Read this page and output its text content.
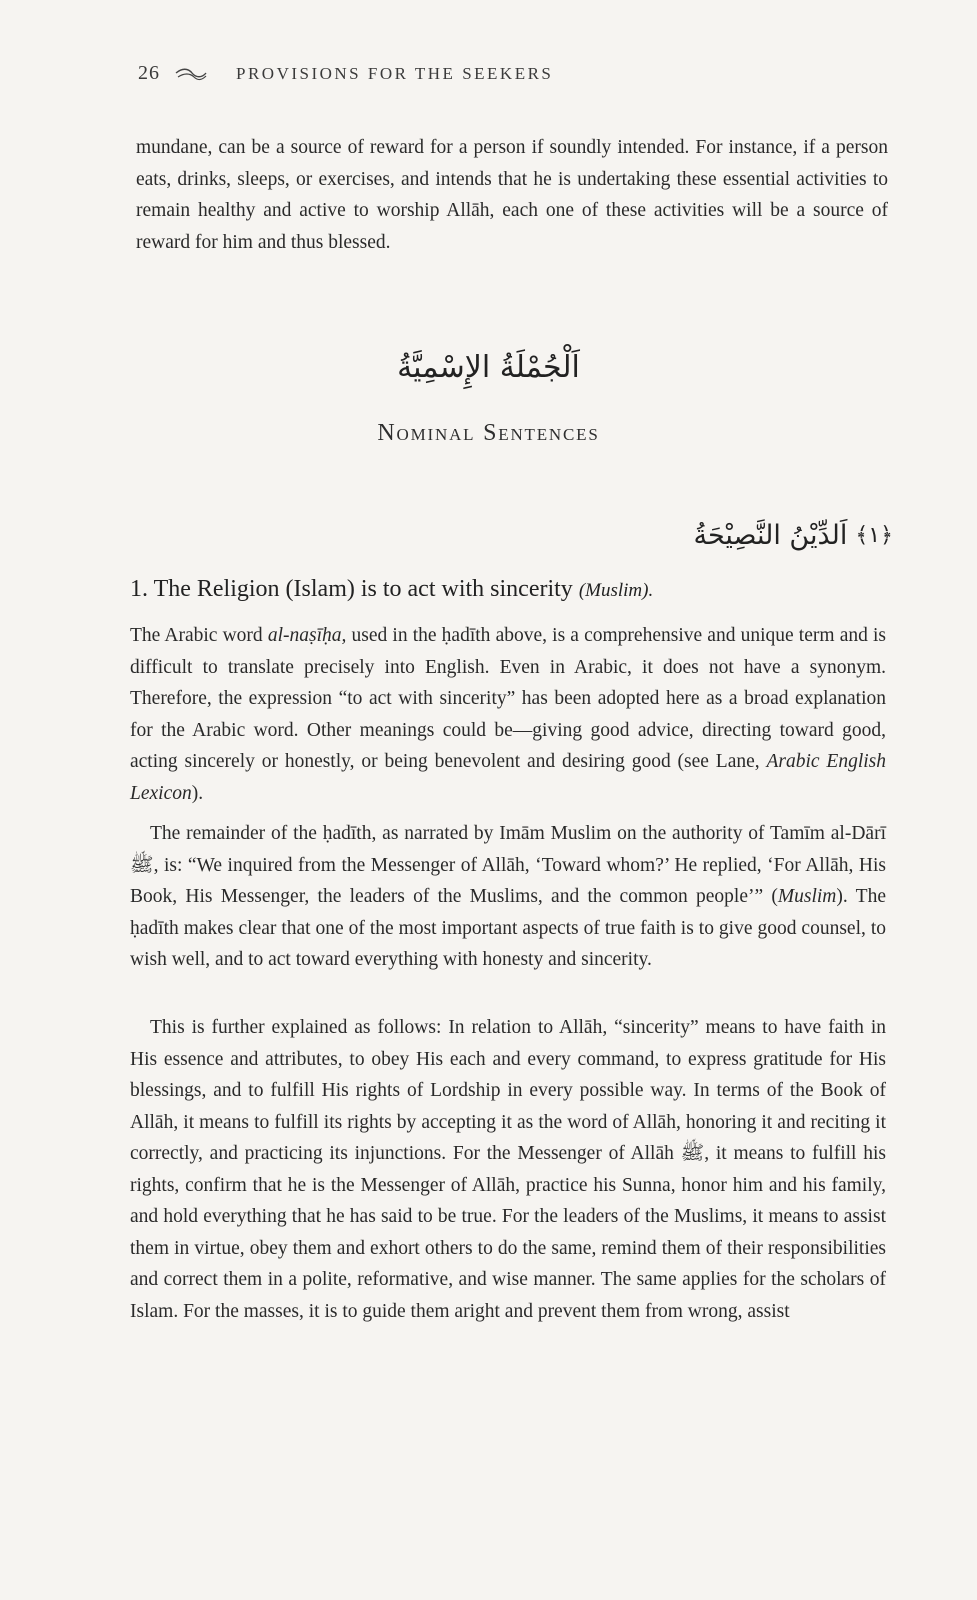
26	PROVISIONS FOR THE SEEKERS

mundane, can be a source of reward for a person if soundly intended. For instance, if a person eats, drinks, sleeps, or exercises, and intends that he is undertaking these essential activities to remain healthy and active to worship Allāh, each one of these activities will be a source of reward for him and thus blessed.

اَلْجُمْلَةُ الإِسْمِيَّةُ
Nominal Sentences
﴿١﴾
اَلدِّيْنُ النَّصِيْحَةُ
1. The Religion (Islam) is to act with sincerity (Muslim).

The Arabic word al-naṣīḥa, used in the ḥadīth above, is a comprehensive and unique term and is difficult to translate precisely into English. Even in Arabic, it does not have a synonym. Therefore, the expression “to act with sincerity” has been adopted here as a broad explanation for the Arabic word. Other meanings could be—giving good advice, directing toward good, acting sincerely or honestly, or being benevolent and desiring good (see Lane, Arabic English Lexicon).

The remainder of the ḥadīth, as narrated by Imām Muslim on the authority of Tamīm al-Dārī ﷺ, is: “We inquired from the Messenger of Allāh, ‘Toward whom?’ He replied, ‘For Allāh, His Book, His Messenger, the leaders of the Muslims, and the common people’” (Muslim). The ḥadīth makes clear that one of the most important aspects of true faith is to give good counsel, to wish well, and to act toward everything with honesty and sincerity.

This is further explained as follows: In relation to Allāh, “sincerity” means to have faith in His essence and attributes, to obey His each and every command, to express gratitude for His blessings, and to fulfill His rights of Lordship in every possible way. In terms of the Book of Allāh, it means to fulfill its rights by accepting it as the word of Allāh, honoring it and reciting it correctly, and practicing its injunctions. For the Messenger of Allāh ﷺ, it means to fulfill his rights, confirm that he is the Messenger of Allāh, practice his Sunna, honor him and his family, and hold everything that he has said to be true. For the leaders of the Muslims, it means to assist them in virtue, obey them and exhort others to do the same, remind them of their responsibilities and correct them in a polite, reformative, and wise manner. The same applies for the scholars of Islam. For the masses, it is to guide them aright and prevent them from wrong, assist
